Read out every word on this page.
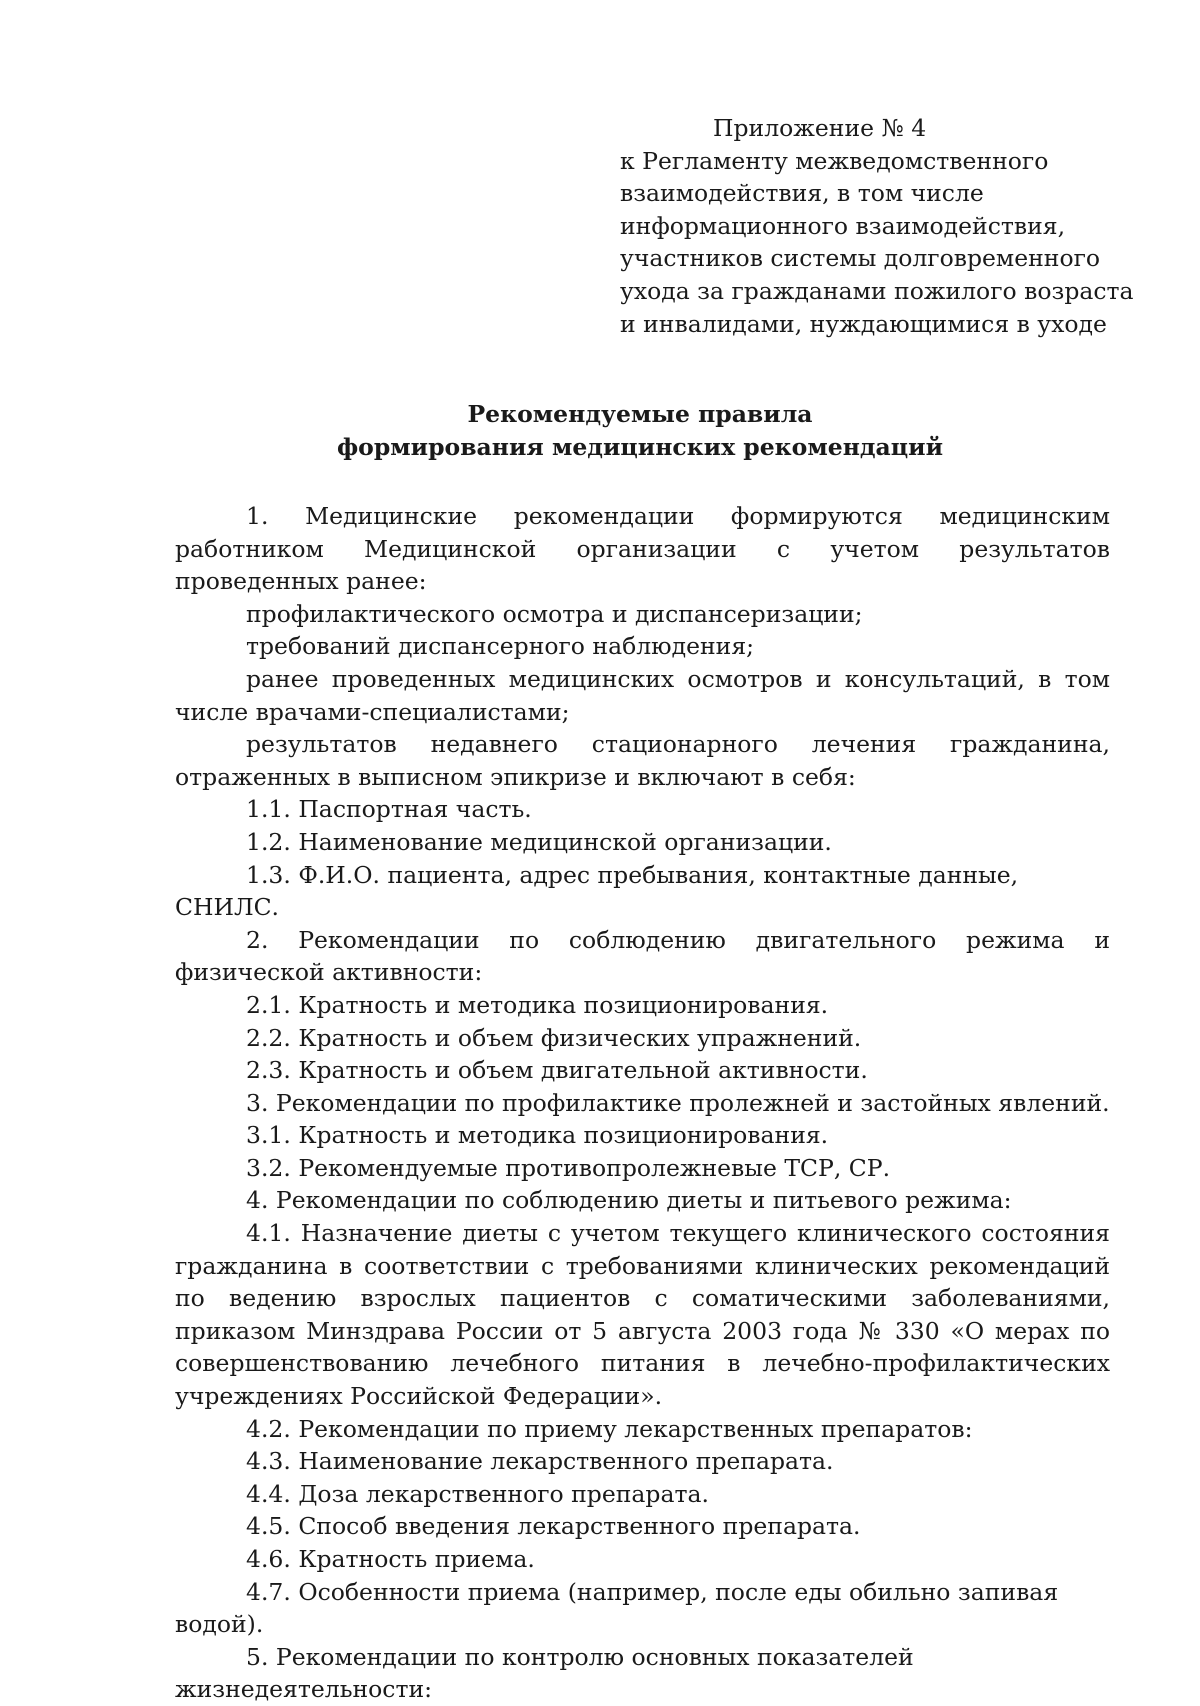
Приложение № 4
к Регламенту межведомственного
взаимодействия, в том числе
информационного взаимодействия,
участников системы долговременного
ухода за гражданами пожилого возраста
и инвалидами, нуждающимися в уходе
Рекомендуемые правила
формирования медицинских рекомендаций

1. Медицинские рекомендации формируются медицинским работником Медицинской организации с учетом результатов проведенных ранее:

профилактического осмотра и диспансеризации;

требований диспансерного наблюдения;

ранее проведенных медицинских осмотров и консультаций, в том числе врачами-специалистами;

результатов недавнего стационарного лечения гражданина, отраженных в выписном эпикризе и включают в себя:

1.1. Паспортная часть.

1.2. Наименование медицинской организации.

1.3. Ф.И.О. пациента, адрес пребывания, контактные данные, СНИЛС.

2. Рекомендации по соблюдению двигательного режима и физической активности:

2.1. Кратность и методика позиционирования.

2.2. Кратность и объем физических упражнений.

2.3. Кратность и объем двигательной активности.

3. Рекомендации по профилактике пролежней и застойных явлений.

3.1. Кратность и методика позиционирования.

3.2. Рекомендуемые противопролежневые ТСР, СР.

4. Рекомендации по соблюдению диеты и питьевого режима:

4.1. Назначение диеты с учетом текущего клинического состояния гражданина в соответствии с требованиями клинических рекомендаций по ведению взрослых пациентов с соматическими заболеваниями, приказом Минздрава России от 5 августа 2003 года № 330 «О мерах по совершенствованию лечебного питания в лечебно-профилактических учреждениях Российской Федерации».

4.2. Рекомендации по приему лекарственных препаратов:

4.3. Наименование лекарственного препарата.

4.4. Доза лекарственного препарата.

4.5. Способ введения лекарственного препарата.

4.6. Кратность приема.

4.7. Особенности приема (например, после еды обильно запивая водой).

5. Рекомендации по контролю основных показателей жизнедеятельности:
